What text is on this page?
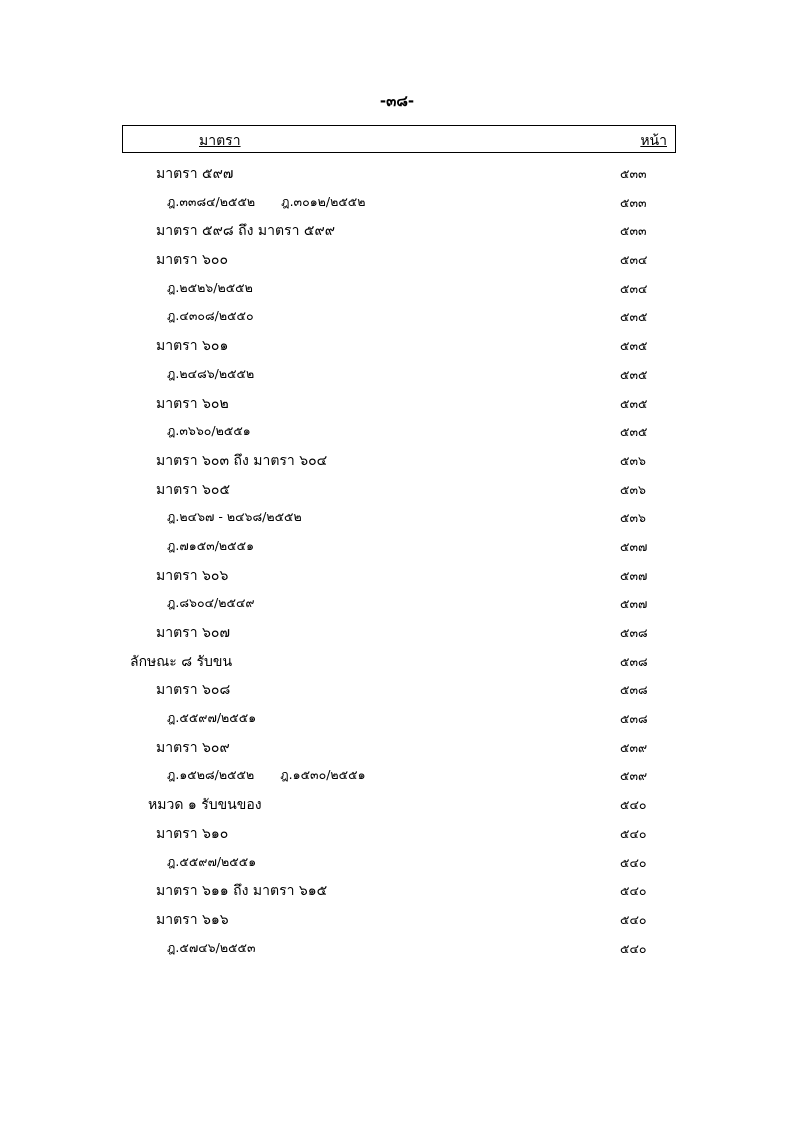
-๓๘-
มาตรา	หน้า
มาตรา ๕๙๗	๕๓๓
ฎ.๓๓๘๔/๒๕๕๒ ฎ.๓๐๑๒/๒๕๕๒	๕๓๓
มาตรา ๕๙๘ ถึง มาตรา ๕๙๙	๕๓๓
มาตรา ๖๐๐	๕๓๔
ฎ.๒๕๒๖/๒๕๕๒	๕๓๔
ฎ.๔๓๐๘/๒๕๕๐	๕๓๕
มาตรา ๖๐๑	๕๓๕
ฎ.๒๔๘๖/๒๕๕๒	๕๓๕
มาตรา ๖๐๒	๕๓๕
ฎ.๓๖๖๐/๒๕๕๑	๕๓๕
มาตรา ๖๐๓ ถึง มาตรา ๖๐๔	๕๓๖
มาตรา ๖๐๕	๕๓๖
ฎ.๒๔๖๗ - ๒๔๖๘/๒๕๕๒	๕๓๖
ฎ.๗๑๕๓/๒๕๕๑	๕๓๗
มาตรา ๖๐๖	๕๓๗
ฎ.๘๖๐๔/๒๕๔๙	๕๓๗
มาตรา ๖๐๗	๕๓๘
ลักษณะ ๘ รับขน	๕๓๘
มาตรา ๖๐๘	๕๓๘
ฎ.๕๕๙๗/๒๕๕๑	๕๓๘
มาตรา ๖๐๙	๕๓๙
ฎ.๑๕๒๘/๒๕๕๒ ฎ.๑๕๓๐/๒๕๕๑	๕๓๙
หมวด ๑ รับขนของ	๕๔๐
มาตรา ๖๑๐	๕๔๐
ฎ.๕๕๙๗/๒๕๕๑	๕๔๐
มาตรา ๖๑๑ ถึง มาตรา ๖๑๕	๕๔๐
มาตรา ๖๑๖	๕๔๐
ฎ.๕๗๔๖/๒๕๕๓	๕๔๐
